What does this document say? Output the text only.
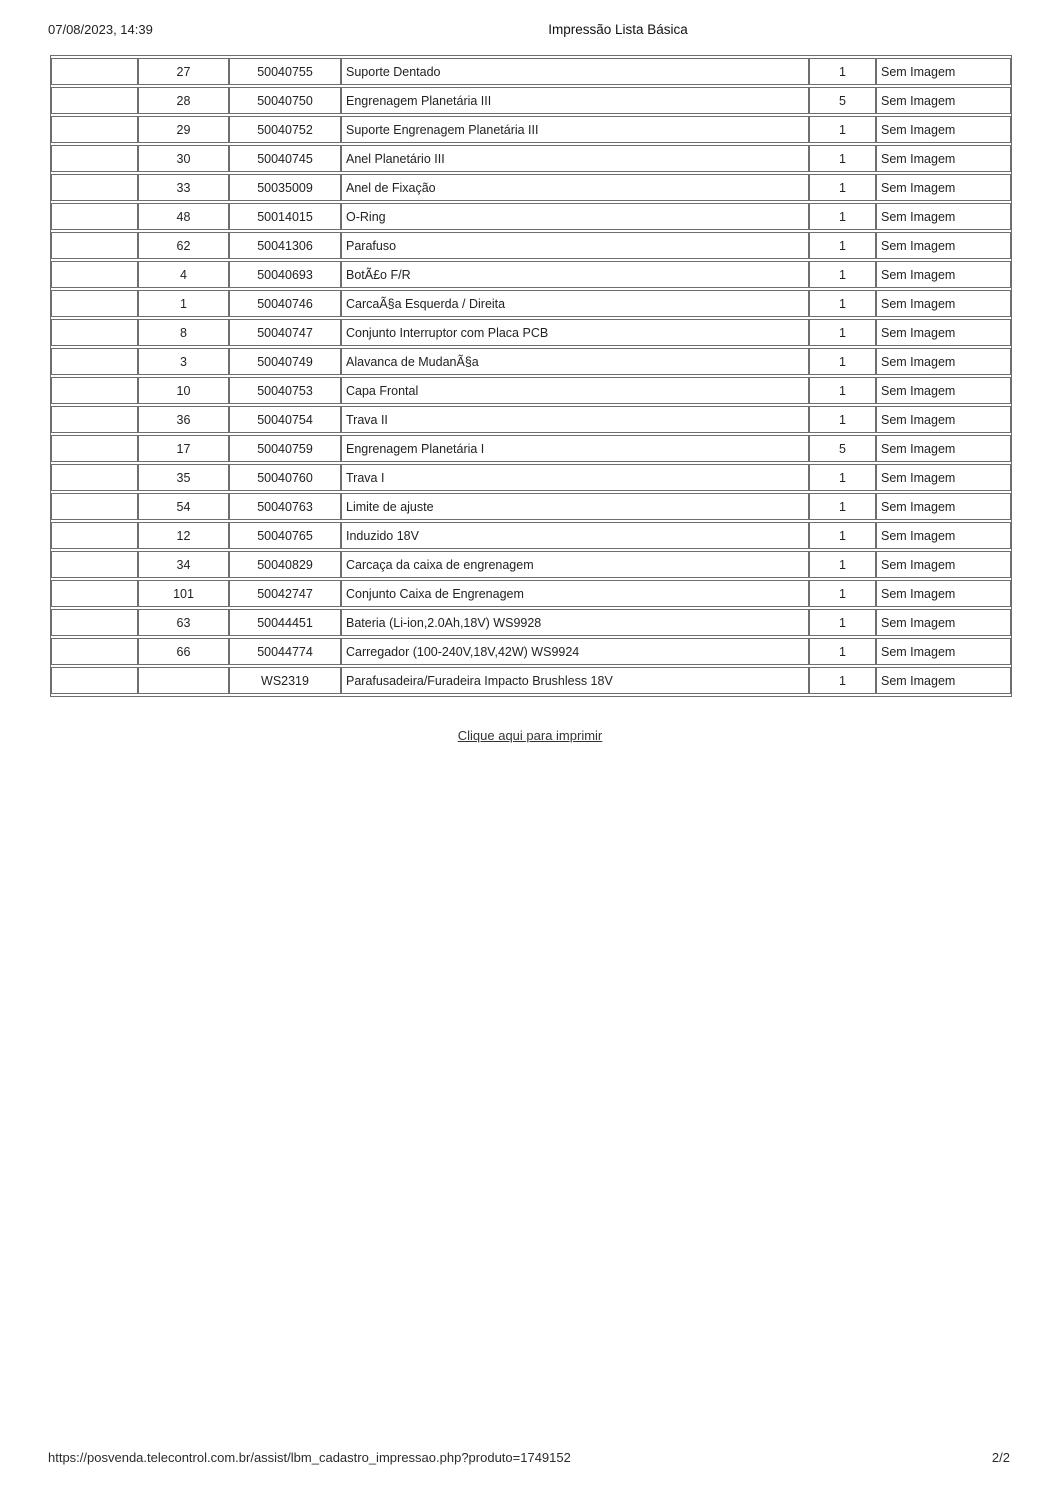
07/08/2023, 14:39	Impressão Lista Básica
	27	50040755	Suporte Dentado	1	Sem Imagem
	28	50040750	Engrenagem Planetária III	5	Sem Imagem
	29	50040752	Suporte Engrenagem Planetária III	1	Sem Imagem
	30	50040745	Anel Planetário III	1	Sem Imagem
	33	50035009	Anel de Fixação	1	Sem Imagem
	48	50014015	O-Ring	1	Sem Imagem
	62	50041306	Parafuso	1	Sem Imagem
	4	50040693	BotÃ£o F/R	1	Sem Imagem
	1	50040746	CarcaÃ§a Esquerda / Direita	1	Sem Imagem
	8	50040747	Conjunto Interruptor com Placa PCB	1	Sem Imagem
	3	50040749	Alavanca de MudanÃ§a	1	Sem Imagem
	10	50040753	Capa Frontal	1	Sem Imagem
	36	50040754	Trava II	1	Sem Imagem
	17	50040759	Engrenagem Planetária I	5	Sem Imagem
	35	50040760	Trava I	1	Sem Imagem
	54	50040763	Limite de ajuste	1	Sem Imagem
	12	50040765	Induzido 18V	1	Sem Imagem
	34	50040829	Carcaça da caixa de engrenagem	1	Sem Imagem
	101	50042747	Conjunto Caixa de Engrenagem	1	Sem Imagem
	63	50044451	Bateria (Li-ion,2.0Ah,18V) WS9928	1	Sem Imagem
	66	50044774	Carregador (100-240V,18V,42W) WS9924	1	Sem Imagem
		WS2319	Parafusadeira/Furadeira Impacto Brushless 18V	1	Sem Imagem
Clique aqui para imprimir
https://posvenda.telecontrol.com.br/assist/lbm_cadastro_impressao.php?produto=1749152	2/2
